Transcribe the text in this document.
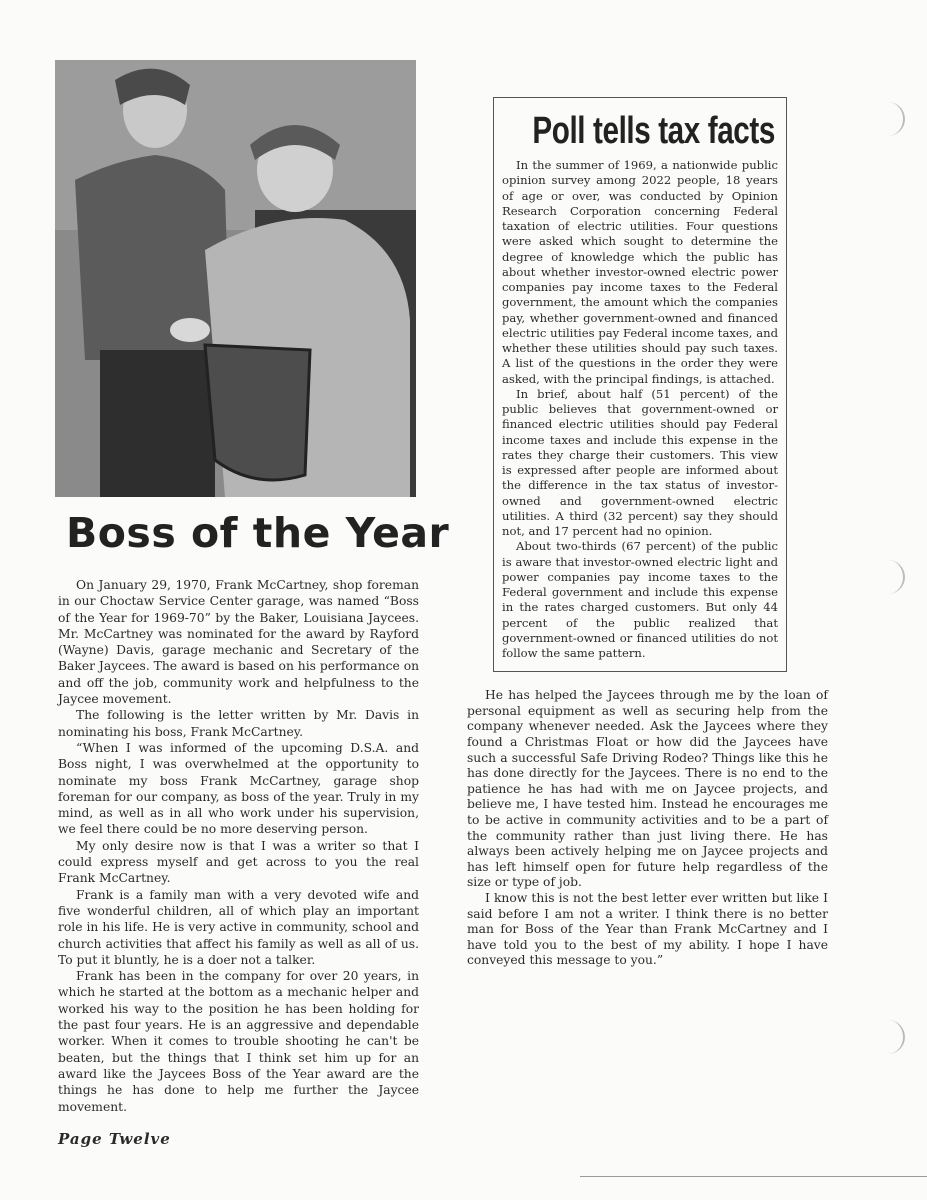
Boss of the Year

On January 29, 1970, Frank McCartney, shop foreman in our Choctaw Service Center garage, was named “Boss of the Year for 1969-70” by the Baker, Louisiana Jaycees. Mr. McCartney was nominated for the award by Rayford (Wayne) Davis, garage mechanic and Secretary of the Baker Jaycees. The award is based on his performance on and off the job, community work and helpfulness to the Jaycee movement.

The following is the letter written by Mr. Davis in nominating his boss, Frank McCartney.

“When I was informed of the upcoming D.S.A. and Boss night, I was overwhelmed at the opportunity to nominate my boss Frank McCartney, garage shop foreman for our company, as boss of the year. Truly in my mind, as well as in all who work under his supervision, we feel there could be no more deserving person.

My only desire now is that I was a writer so that I could express myself and get across to you the real Frank McCartney.

Frank is a family man with a very devoted wife and five wonderful children, all of which play an important role in his life. He is very active in community, school and church activities that affect his family as well as all of us. To put it bluntly, he is a doer not a talker.

Frank has been in the company for over 20 years, in which he started at the bottom as a mechanic helper and worked his way to the position he has been holding for the past four years. He is an aggressive and dependable worker. When it comes to trouble shooting he can't be beaten, but the things that I think set him up for an award like the Jaycees Boss of the Year award are the things he has done to help me further the Jaycee movement.

Page Twelve
Poll tells tax facts

In the summer of 1969, a nationwide public opinion survey among 2022 people, 18 years of age or over, was conducted by Opinion Research Corporation concerning Federal taxation of electric utilities. Four questions were asked which sought to determine the degree of knowledge which the public has about whether investor-owned electric power companies pay income taxes to the Federal government, the amount which the companies pay, whether government-owned and financed electric utilities pay Federal income taxes, and whether these utilities should pay such taxes. A list of the questions in the order they were asked, with the principal findings, is attached.

In brief, about half (51 percent) of the public believes that government-owned or financed electric utilities should pay Federal income taxes and include this expense in the rates they charge their customers. This view is expressed after people are informed about the difference in the tax status of investor-owned and government-owned electric utilities. A third (32 percent) say they should not, and 17 percent had no opinion.

About two-thirds (67 percent) of the public is aware that investor-owned electric light and power companies pay income taxes to the Federal government and include this expense in the rates charged customers. But only 44 percent of the public realized that government-owned or financed utilities do not follow the same pattern.

He has helped the Jaycees through me by the loan of personal equipment as well as securing help from the company whenever needed. Ask the Jaycees where they found a Christmas Float or how did the Jaycees have such a successful Safe Driving Rodeo? Things like this he has done directly for the Jaycees. There is no end to the patience he has had with me on Jaycee projects, and believe me, I have tested him. Instead he encourages me to be active in community activities and to be a part of the community rather than just living there. He has always been actively helping me on Jaycee projects and has left himself open for future help regardless of the size or type of job.

I know this is not the best letter ever written but like I said before I am not a writer. I think there is no better man for Boss of the Year than Frank McCartney and I have told you to the best of my ability. I hope I have conveyed this message to you.”
